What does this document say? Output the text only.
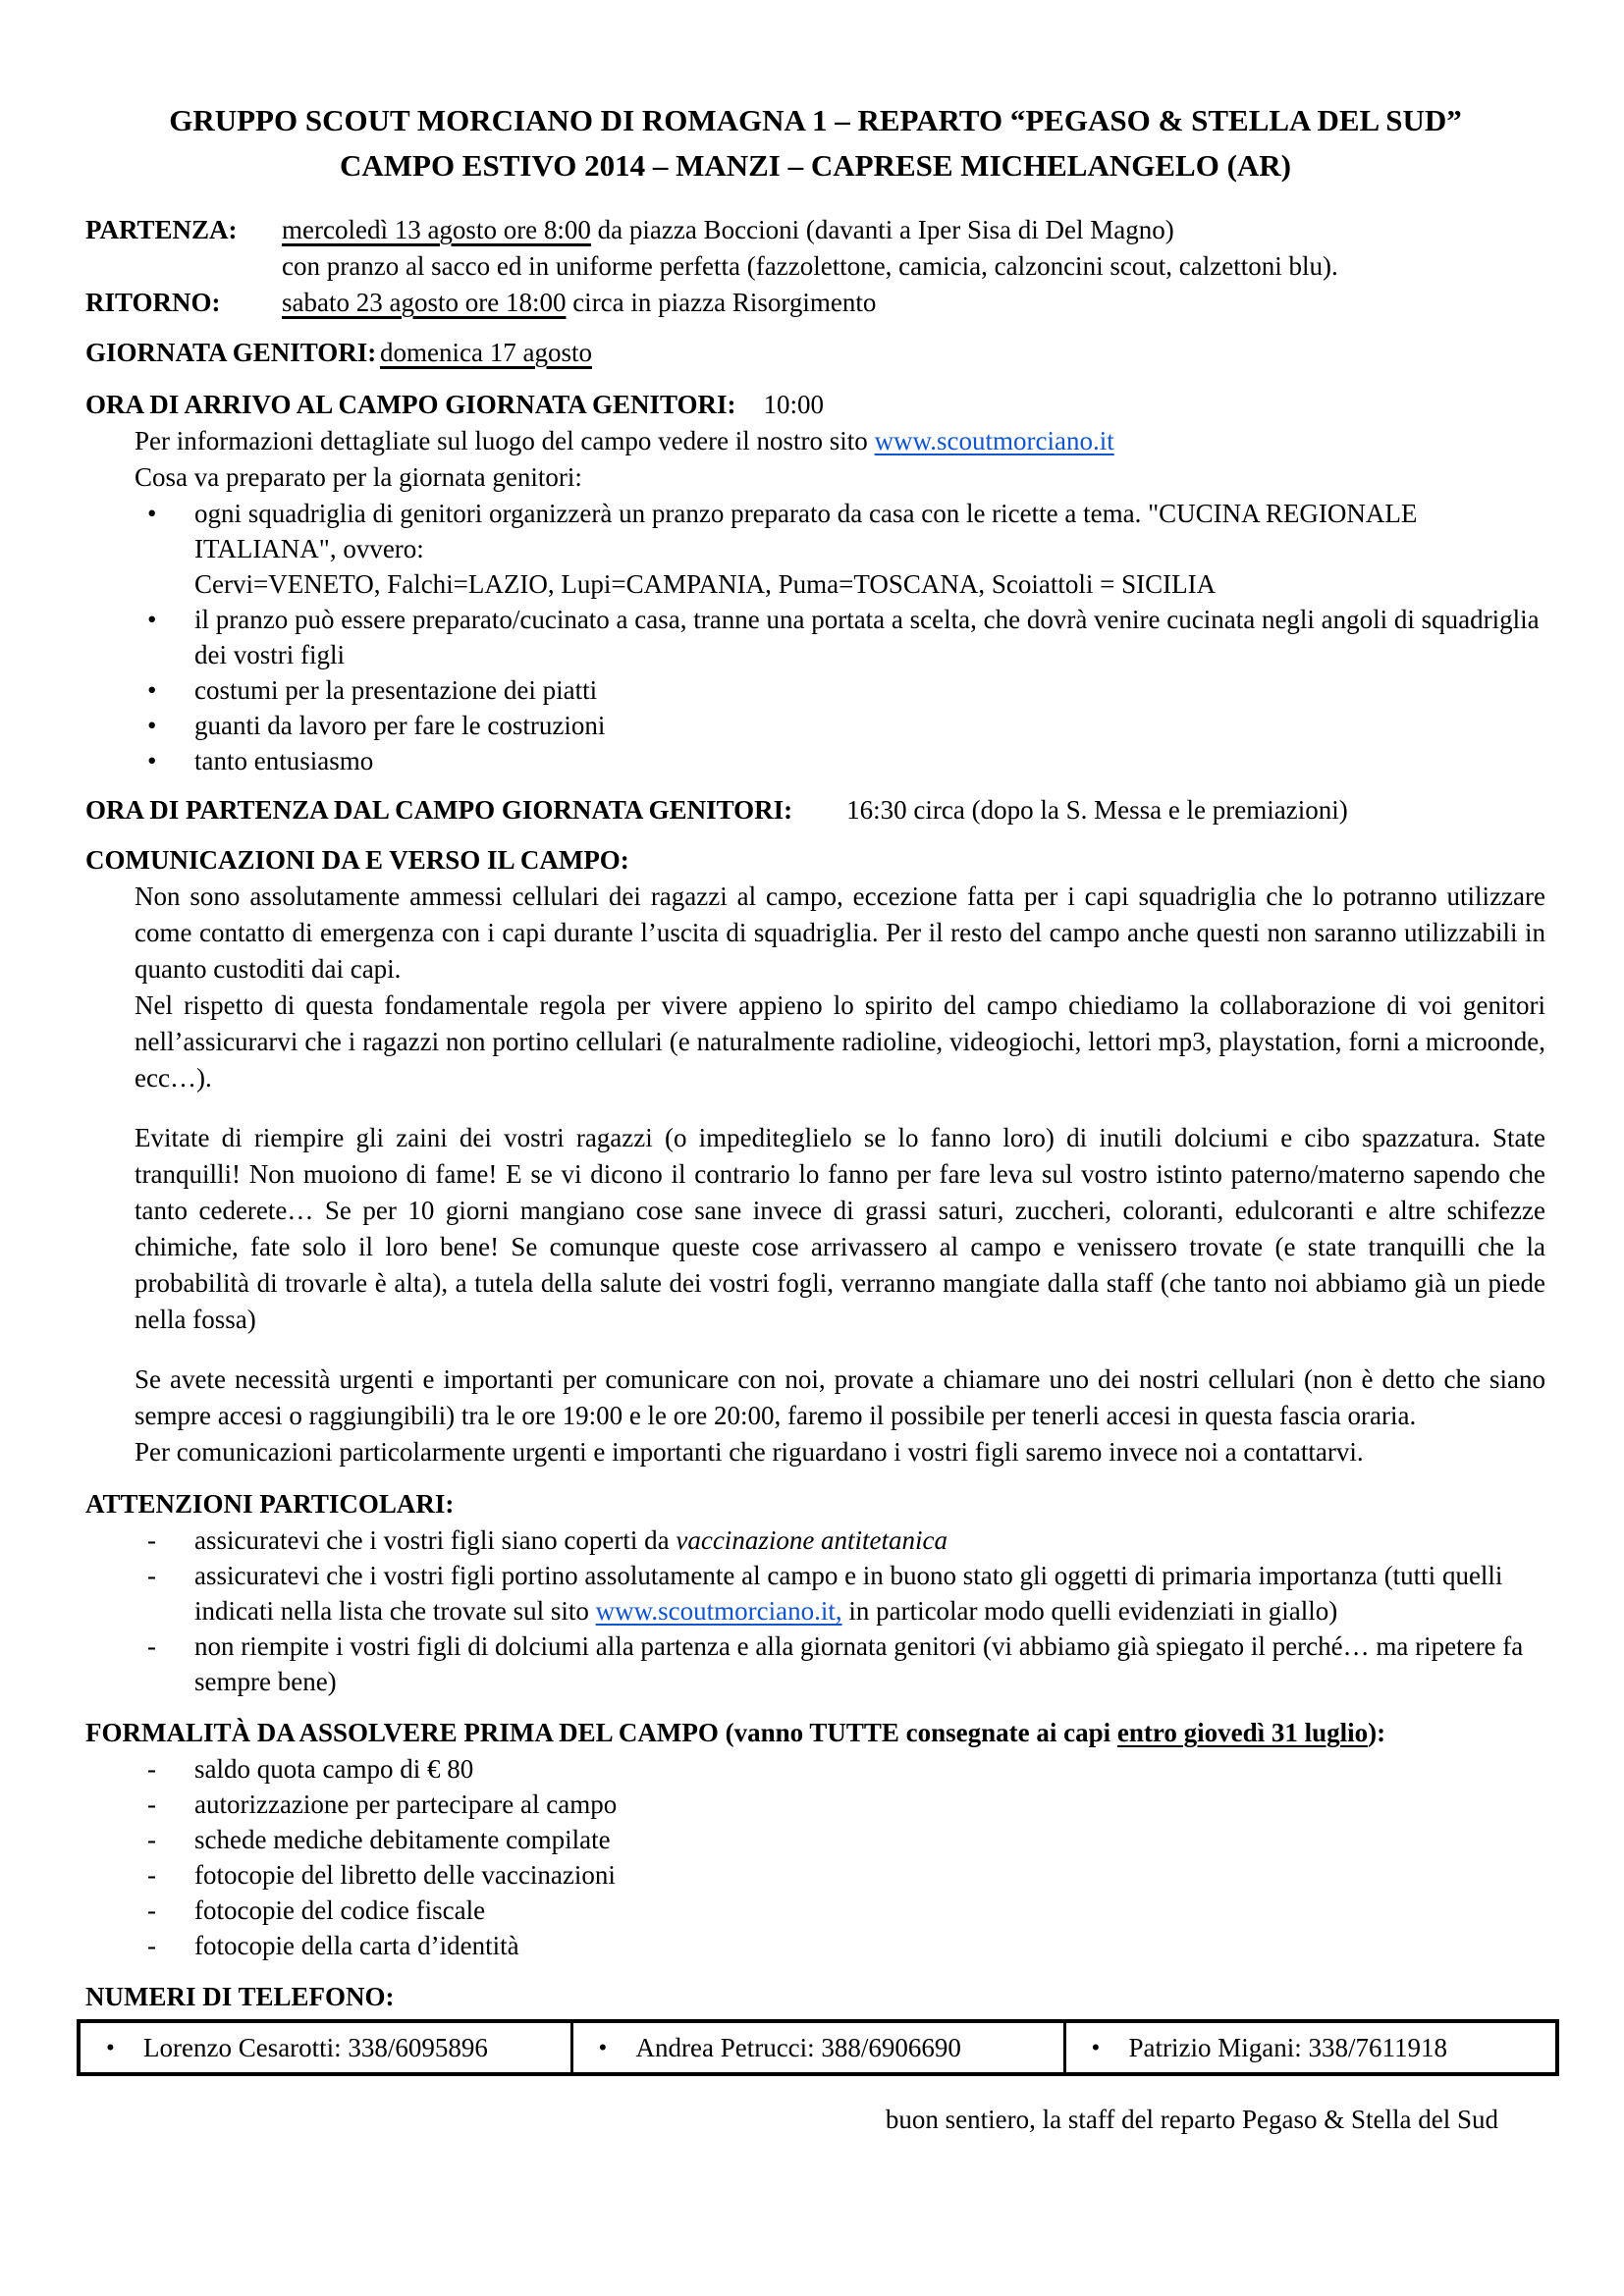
GRUPPO SCOUT MORCIANO DI ROMAGNA 1 – REPARTO “PEGASO & STELLA DEL SUD”
CAMPO ESTIVO 2014 – MANZI – CAPRESE MICHELANGELO (AR)
PARTENZA:	mercoledì 13 agosto ore 8:00 da piazza Boccioni (davanti a Iper Sisa di Del Magno)
con pranzo al sacco ed in uniforme perfetta (fazzolettone, camicia, calzoncini scout, calzettoni blu).
RITORNO:	sabato 23 agosto ore 18:00 circa in piazza Risorgimento
GIORNATA GENITORI: domenica 17 agosto
ORA DI ARRIVO AL CAMPO GIORNATA GENITORI: 10:00
Per informazioni dettagliate sul luogo del campo vedere il nostro sito www.scoutmorciano.it
Cosa va preparato per la giornata genitori:
• ogni squadriglia di genitori organizzerà un pranzo preparato da casa con le ricette a tema. "CUCINA REGIONALE ITALIANA", ovvero:
Cervi=VENETO, Falchi=LAZIO, Lupi=CAMPANIA, Puma=TOSCANA, Scoiattoli = SICILIA
• il pranzo può essere preparato/cucinato a casa, tranne una portata a scelta, che dovrà venire cucinata negli angoli di squadriglia dei vostri figli
• costumi per la presentazione dei piatti
• guanti da lavoro per fare le costruzioni
• tanto entusiasmo
ORA DI PARTENZA DAL CAMPO GIORNATA GENITORI: 16:30 circa (dopo la S. Messa e le premiazioni)
COMUNICAZIONI DA E VERSO IL CAMPO:
Non sono assolutamente ammessi cellulari dei ragazzi al campo, eccezione fatta per i capi squadriglia che lo potranno utilizzare come contatto di emergenza con i capi durante l’uscita di squadriglia. Per il resto del campo anche questi non saranno utilizzabili in quanto custoditi dai capi.
Nel rispetto di questa fondamentale regola per vivere appieno lo spirito del campo chiediamo la collaborazione di voi genitori nell’assicurarvi che i ragazzi non portino cellulari (e naturalmente radioline, videogiochi, lettori mp3, playstation, forni a microonde, ecc…).
Evitate di riempire gli zaini dei vostri ragazzi (o impediteglielo se lo fanno loro) di inutili dolciumi e cibo spazzatura. State tranquilli! Non muoiono di fame! E se vi dicono il contrario lo fanno per fare leva sul vostro istinto paterno/materno sapendo che tanto cederete… Se per 10 giorni mangiano cose sane invece di grassi saturi, zuccheri, coloranti, edulcoranti e altre schifezze chimiche, fate solo il loro bene! Se comunque queste cose arrivassero al campo e venissero trovate (e state tranquilli che la probabilità di trovarle è alta), a tutela della salute dei vostri fogli, verranno mangiate dalla staff (che tanto noi abbiamo già un piede nella fossa)
Se avete necessità urgenti e importanti per comunicare con noi, provate a chiamare uno dei nostri cellulari (non è detto che siano sempre accesi o raggiungibili) tra le ore 19:00 e le ore 20:00, faremo il possibile per tenerli accesi in questa fascia oraria.
Per comunicazioni particolarmente urgenti e importanti che riguardano i vostri figli saremo invece noi a contattarvi.
ATTENZIONI PARTICOLARI:
- assicuratevi che i vostri figli siano coperti da vaccinazione antitetanica
- assicuratevi che i vostri figli portino assolutamente al campo e in buono stato gli oggetti di primaria importanza (tutti quelli indicati nella lista che trovate sul sito www.scoutmorciano.it, in particolar modo quelli evidenziati in giallo)
- non riempite i vostri figli di dolciumi alla partenza e alla giornata genitori (vi abbiamo già spiegato il perché… ma ripetere fa sempre bene)
FORMALITÀ DA ASSOLVERE PRIMA DEL CAMPO (vanno TUTTE consegnate ai capi entro giovedì 31 luglio):
- saldo quota campo di € 80
- autorizzazione per partecipare al campo
- schede mediche debitamente compilate
- fotocopie del libretto delle vaccinazioni
- fotocopie del codice fiscale
- fotocopie della carta d’identità
NUMERI DI TELEFONO:
• Lorenzo Cesarotti: 338/6095896

•Andrea Petrucci: 388/6906690

•Patrizio Migani: 338/7611918
buon sentiero, la staff del reparto Pegaso & Stella del Sud
